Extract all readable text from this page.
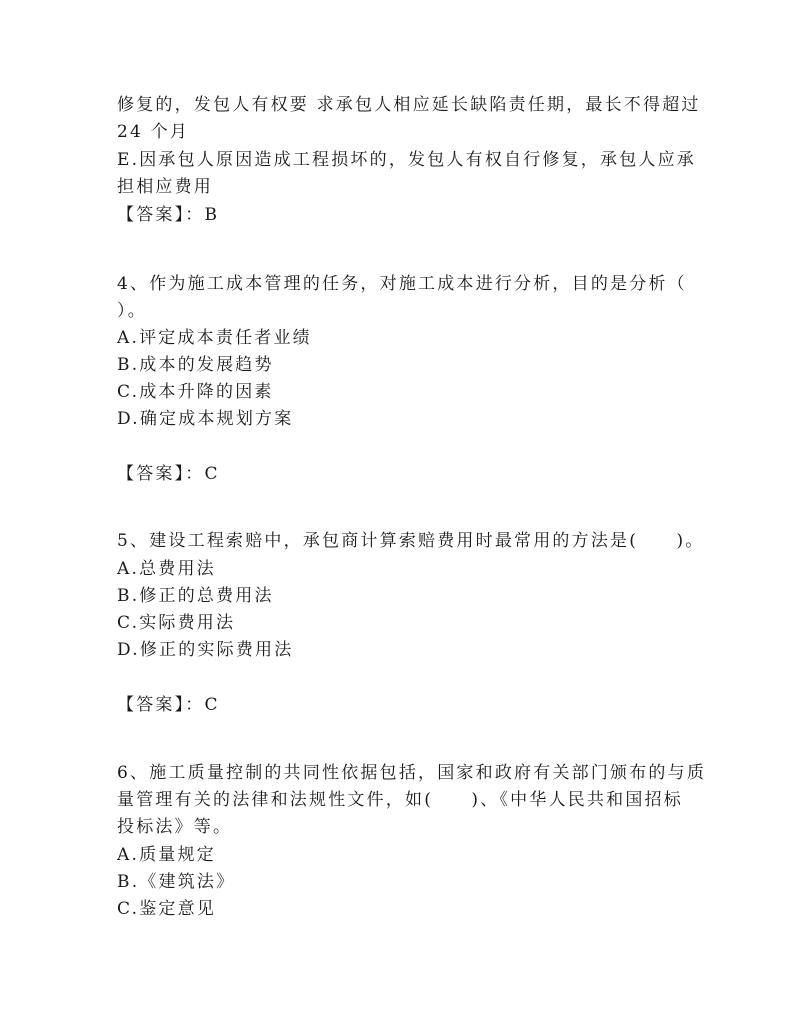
修复的，发包人有权要 求承包人相应延长缺陷责任期，最长不得超过
24 个月
E.因承包人原因造成工程损坏的，发包人有权自行修复，承包人应承
担相应费用
【答案】：B
4、作为施工成本管理的任务，对施工成本进行分析，目的是分析（
）。
A.评定成本责任者业绩
B.成本的发展趋势
C.成本升降的因素
D.确定成本规划方案
【答案】：C
5、建设工程索赔中，承包商计算索赔费用时最常用的方法是(　　)。
A.总费用法
B.修正的总费用法
C.实际费用法
D.修正的实际费用法
【答案】：C
6、施工质量控制的共同性依据包括，国家和政府有关部门颁布的与质
量管理有关的法律和法规性文件，如(　　)、《中华人民共和国招标
投标法》等。
A.质量规定
B.《建筑法》
C.鉴定意见
